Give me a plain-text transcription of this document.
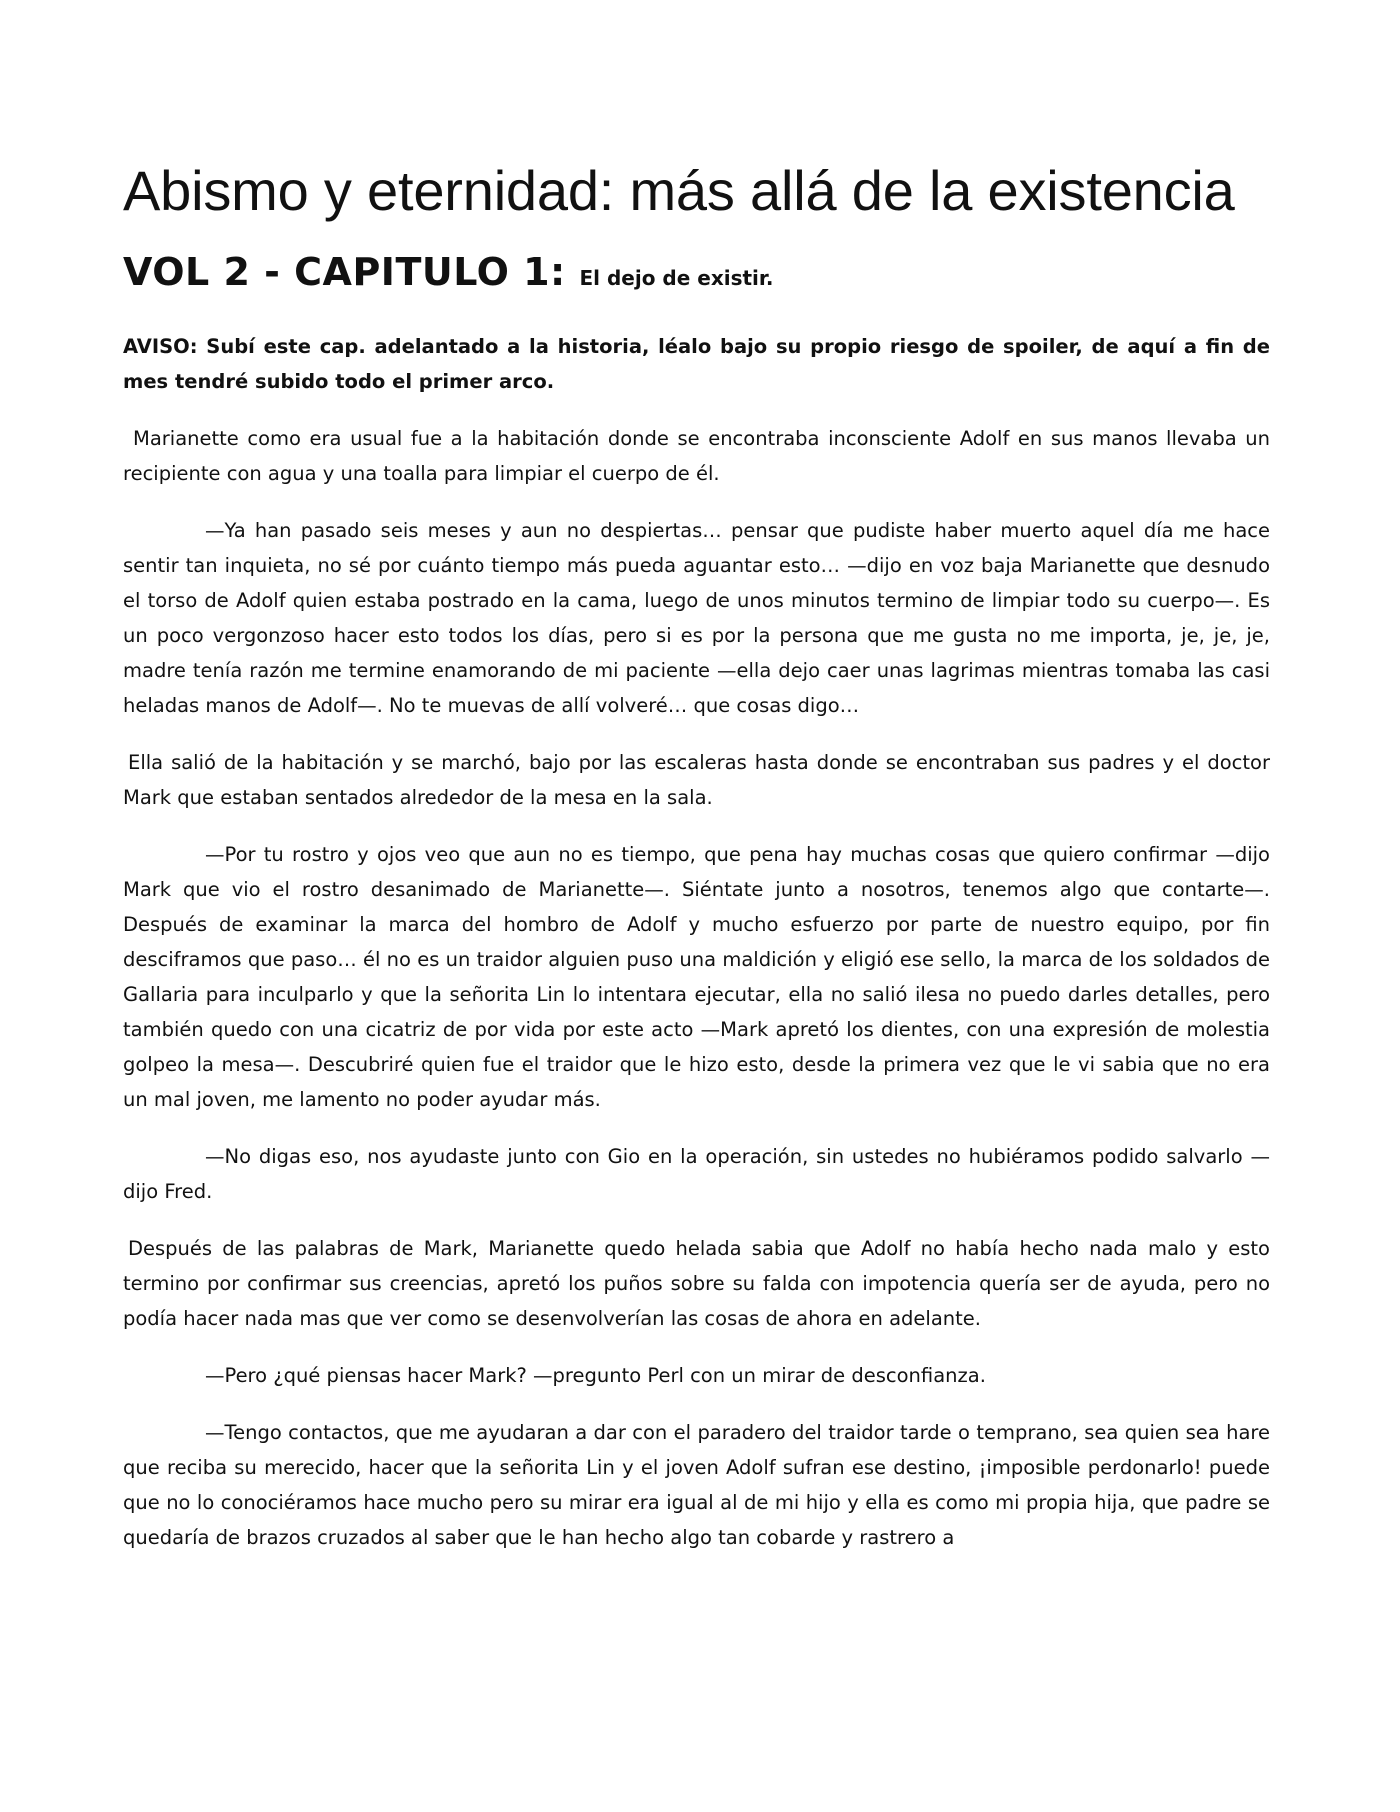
Abismo y eternidad: más allá de la existencia
VOL 2 - CAPITULO 1: El dejo de existir.

AVISO: Subí este cap. adelantado a la historia, léalo bajo su propio riesgo de spoiler, de aquí a fin de mes tendré subido todo el primer arco.

Marianette como era usual fue a la habitación donde se encontraba inconsciente Adolf en sus manos llevaba un recipiente con agua y una toalla para limpiar el cuerpo de él.

—Ya han pasado seis meses y aun no despiertas… pensar que pudiste haber muerto aquel día me hace sentir tan inquieta, no sé por cuánto tiempo más pueda aguantar esto… —dijo en voz baja Marianette que desnudo el torso de Adolf quien estaba postrado en la cama, luego de unos minutos termino de limpiar todo su cuerpo—. Es un poco vergonzoso hacer esto todos los días, pero si es por la persona que me gusta no me importa, je, je, je, madre tenía razón me termine enamorando de mi paciente —ella dejo caer unas lagrimas mientras tomaba las casi heladas manos de Adolf—. No te muevas de allí volveré… que cosas digo…

Ella salió de la habitación y se marchó, bajo por las escaleras hasta donde se encontraban sus padres y el doctor Mark que estaban sentados alrededor de la mesa en la sala.

—Por tu rostro y ojos veo que aun no es tiempo, que pena hay muchas cosas que quiero confirmar —dijo Mark que vio el rostro desanimado de Marianette—. Siéntate junto a nosotros, tenemos algo que contarte—. Después de examinar la marca del hombro de Adolf y mucho esfuerzo por parte de nuestro equipo, por fin desciframos que paso… él no es un traidor alguien puso una maldición y eligió ese sello, la marca de los soldados de Gallaria para inculparlo y que la señorita Lin lo intentara ejecutar, ella no salió ilesa no puedo darles detalles, pero también quedo con una cicatriz de por vida por este acto —Mark apretó los dientes, con una expresión de molestia golpeo la mesa—. Descubriré quien fue el traidor que le hizo esto, desde la primera vez que le vi sabia que no era un mal joven, me lamento no poder ayudar más.

—No digas eso, nos ayudaste junto con Gio en la operación, sin ustedes no hubiéramos podido salvarlo —dijo Fred.

Después de las palabras de Mark, Marianette quedo helada sabia que Adolf no había hecho nada malo y esto termino por confirmar sus creencias, apretó los puños sobre su falda con impotencia quería ser de ayuda, pero no podía hacer nada mas que ver como se desenvolverían las cosas de ahora en adelante.

—Pero ¿qué piensas hacer Mark? —pregunto Perl con un mirar de desconfianza.

—Tengo contactos, que me ayudaran a dar con el paradero del traidor tarde o temprano, sea quien sea hare que reciba su merecido, hacer que la señorita Lin y el joven Adolf sufran ese destino, ¡imposible perdonarlo! puede que no lo conociéramos hace mucho pero su mirar era igual al de mi hijo y ella es como mi propia hija, que padre se quedaría de brazos cruzados al saber que le han hecho algo tan cobarde y rastrero a
